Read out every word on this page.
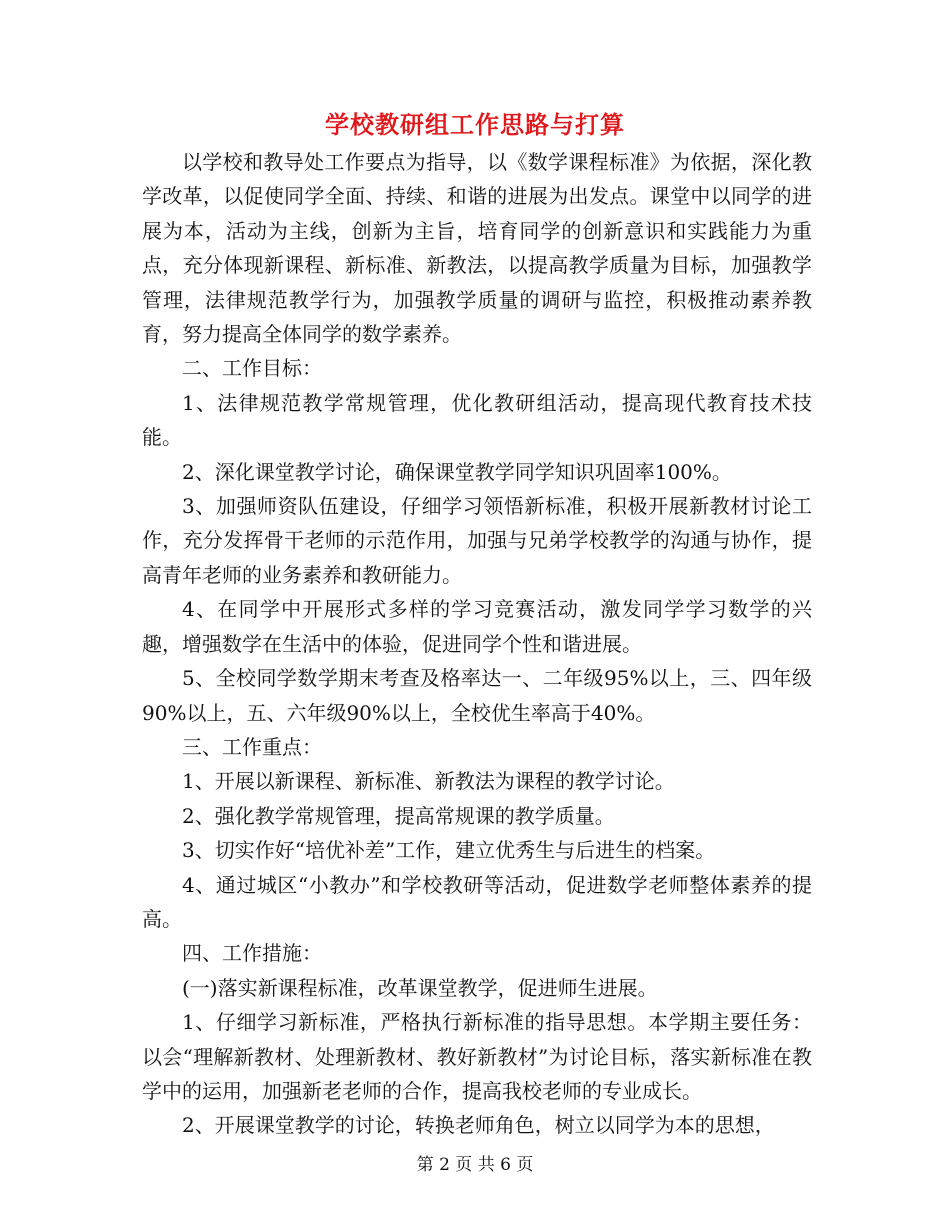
学校教研组工作思路与打算

以学校和教导处工作要点为指导，以《数学课程标准》为依据，深化教学改革，以促使同学全面、持续、和谐的进展为出发点。课堂中以同学的进展为本，活动为主线，创新为主旨，培育同学的创新意识和实践能力为重点，充分体现新课程、新标准、新教法，以提高教学质量为目标，加强教学管理，法律规范教学行为，加强教学质量的调研与监控，积极推动素养教育，努力提高全体同学的数学素养。

二、工作目标：

1、法律规范教学常规管理，优化教研组活动，提高现代教育技术技能。

2、深化课堂教学讨论，确保课堂教学同学知识巩固率100%。

3、加强师资队伍建设，仔细学习领悟新标准，积极开展新教材讨论工作，充分发挥骨干老师的示范作用，加强与兄弟学校教学的沟通与协作，提高青年老师的业务素养和教研能力。

4、在同学中开展形式多样的学习竞赛活动，激发同学学习数学的兴趣，增强数学在生活中的体验，促进同学个性和谐进展。

5、全校同学数学期末考查及格率达一、二年级95%以上，三、四年级90%以上，五、六年级90%以上，全校优生率高于40%。

三、工作重点：

1、开展以新课程、新标准、新教法为课程的教学讨论。

2、强化教学常规管理，提高常规课的教学质量。

3、切实作好“培优补差”工作，建立优秀生与后进生的档案。

4、通过城区“小教办”和学校教研等活动，促进数学老师整体素养的提高。

四、工作措施：

(一)落实新课程标准，改革课堂教学，促进师生进展。

1、仔细学习新标准，严格执行新标准的指导思想。本学期主要任务：以会“理解新教材、处理新教材、教好新教材”为讨论目标，落实新标准在教学中的运用，加强新老老师的合作，提高我校老师的专业成长。

2、开展课堂教学的讨论，转换老师角色，树立以同学为本的思想，

第 2 页 共 6 页
